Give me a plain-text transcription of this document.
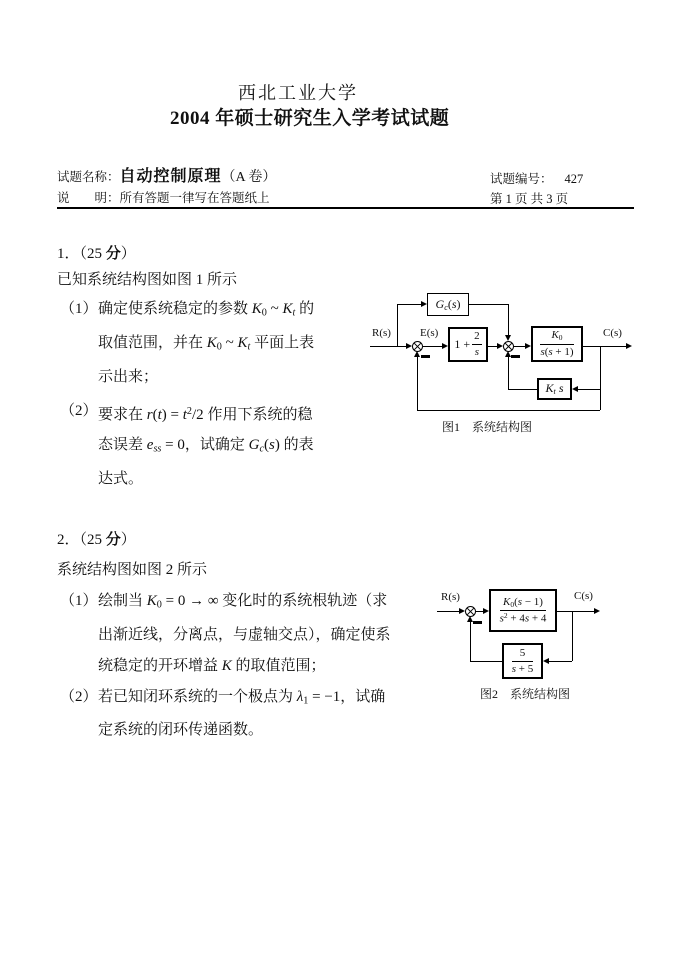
西北工业大学
2004 年硕士研究生入学考试试题
试题名称：自动控制原理（A 卷）	试题编号： 427
说　　明：所有答题一律写在答题纸上	第 1 页 共 3 页
1．（25 分）
已知系统结构图如图 1 所示
（1） 确定使系统稳定的参数 K0 ~ Kt 的
取值范围，并在 K0 ~ Kt 平面上表
示出来；
（2） 要求在 $r(t) = t^2/2$ 作用下系统的稳
态误差 ess = 0，试确定 Gc(s) 的表
达式。
R(s)	E(s)
Gc(s)
$1 + \frac{2}{s}$	$\frac{K0}{s(s + 1)}$	C(s)
Kt s
图1　系统结构图
2．（25 分）
系统结构图如图 2 所示
（1） 绘制当 K0 = 0 → ∞ 变化时的系统根轨迹（求
出渐近线，分离点，与虚轴交点），确定使系
统稳定的开环增益 K 的取值范围；
（2） 若已知闭环系统的一个极点为 λ1 = −1，试确
定系统的闭环传递函数。
R(s)	$\frac{K0(s - 1)}{s^2 + 4s + 4}$	C(s)
$\frac{5}{s + 5}$
图2　系统结构图
